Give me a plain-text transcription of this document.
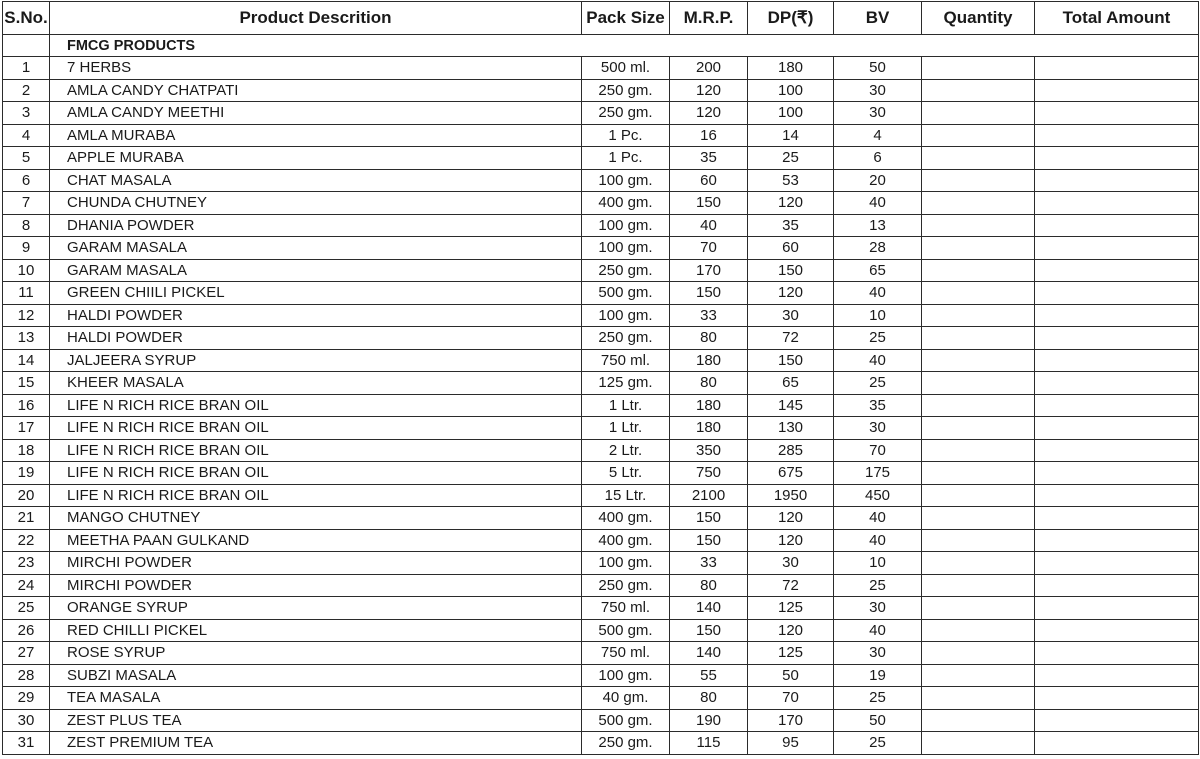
S.No.	Product Descrition	Pack Size	M.R.P.	DP(₹)	BV	Quantity	Total Amount
	FMCG PRODUCTS						
1	7 HERBS	500 ml.	200	180	50		
2	AMLA CANDY CHATPATI	250 gm.	120	100	30		
3	AMLA CANDY MEETHI	250 gm.	120	100	30		
4	AMLA MURABA	1 Pc.	16	14	4		
5	APPLE MURABA	1 Pc.	35	25	6		
6	CHAT MASALA	100 gm.	60	53	20		
7	CHUNDA CHUTNEY	400 gm.	150	120	40		
8	DHANIA POWDER	100 gm.	40	35	13		
9	GARAM MASALA	100 gm.	70	60	28		
10	GARAM MASALA	250 gm.	170	150	65		
11	GREEN CHIILI PICKEL	500 gm.	150	120	40		
12	HALDI POWDER	100 gm.	33	30	10		
13	HALDI POWDER	250 gm.	80	72	25		
14	JALJEERA SYRUP	750 ml.	180	150	40		
15	KHEER MASALA	125 gm.	80	65	25		
16	LIFE N RICH RICE BRAN OIL	1 Ltr.	180	145	35		
17	LIFE N RICH RICE BRAN OIL	1 Ltr.	180	130	30		
18	LIFE N RICH RICE BRAN OIL	2 Ltr.	350	285	70		
19	LIFE N RICH RICE BRAN OIL	5 Ltr.	750	675	175		
20	LIFE N RICH RICE BRAN OIL	15 Ltr.	2100	1950	450		
21	MANGO CHUTNEY	400 gm.	150	120	40		
22	MEETHA PAAN GULKAND	400 gm.	150	120	40		
23	MIRCHI POWDER	100 gm.	33	30	10		
24	MIRCHI POWDER	250 gm.	80	72	25		
25	ORANGE SYRUP	750 ml.	140	125	30		
26	RED CHILLI PICKEL	500 gm.	150	120	40		
27	ROSE SYRUP	750 ml.	140	125	30		
28	SUBZI MASALA	100 gm.	55	50	19		
29	TEA MASALA	40 gm.	80	70	25		
30	ZEST PLUS TEA	500 gm.	190	170	50		
31	ZEST PREMIUM TEA	250 gm.	115	95	25		
